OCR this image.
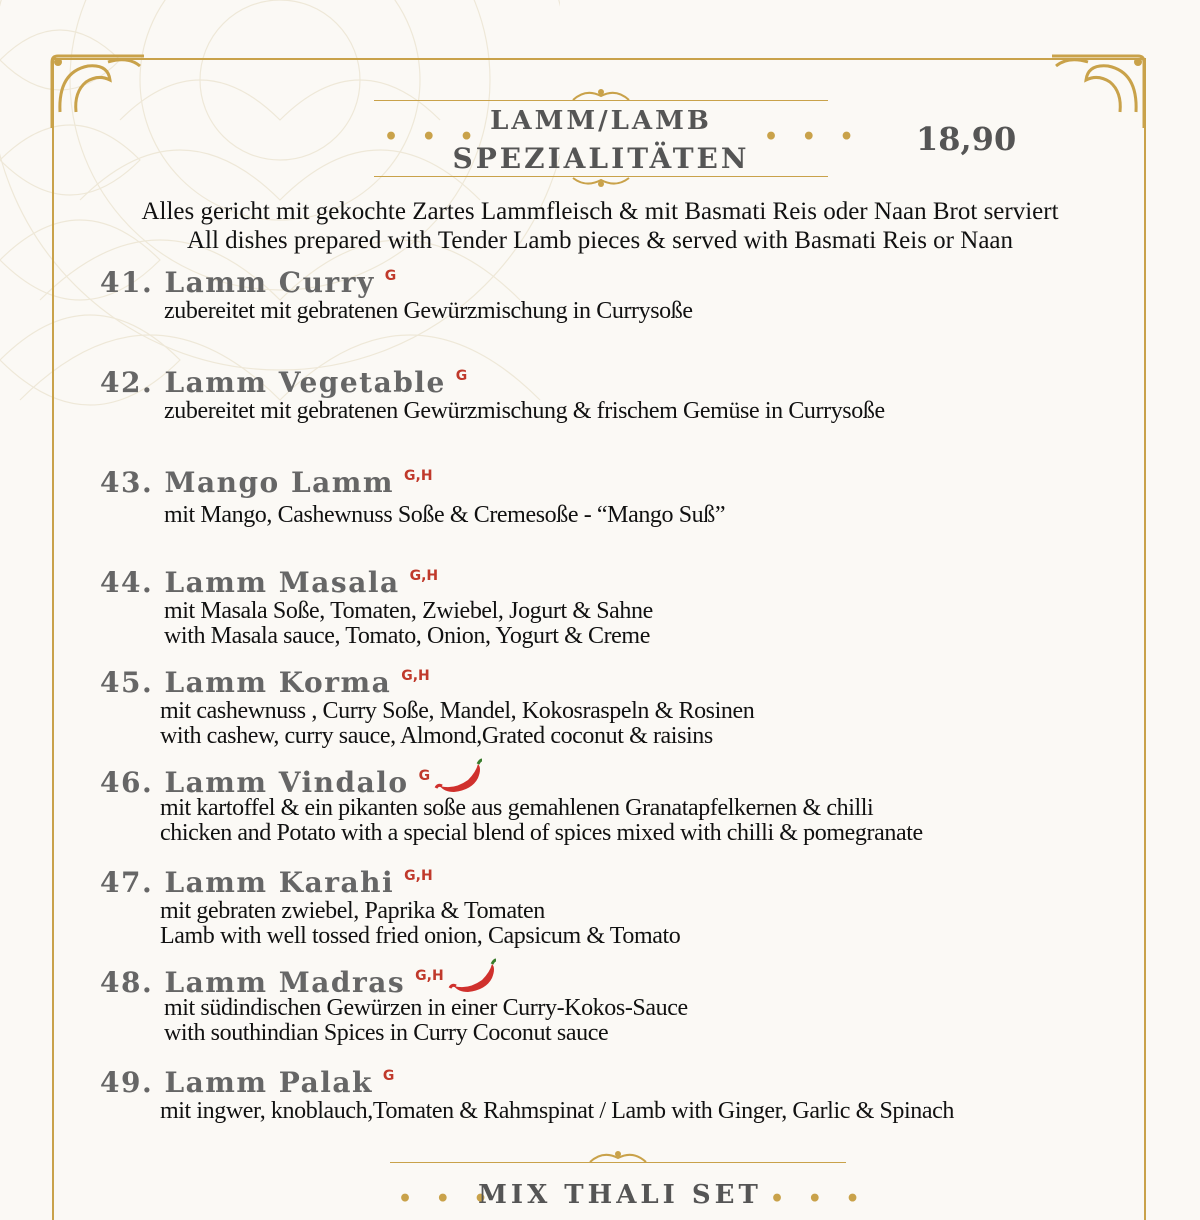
LAMM/LAMB
SPEZIALITÄTEN
• • •	• • • 18,90
Alles gericht mit gekochte Zartes Lammfleisch & mit Basmati Reis oder Naan Brot serviert
All dishes prepared with Tender Lamb pieces & served with Basmati Reis or Naan
41. Lamm Curry $^G$
zubereitet mit gebratenen Gewürzmischung in Currysoße
42. Lamm Vegetable $^G$
zubereitet mit gebratenen Gewürzmischung & frischem Gemüse in Currysoße
43. Mango Lamm $^{G,H}$
mit Mango, Cashewnuss Soße & Cremesoße - “Mango Suß”
44. Lamm Masala $^{G,H}$
mit Masala Soße, Tomaten, Zwiebel, Jogurt & Sahne
with Masala sauce, Tomato, Onion, Yogurt & Creme
45. Lamm Korma $^{G,H}$
mit cashewnuss , Curry Soße, Mandel, Kokosraspeln & Rosinen
with cashew, curry sauce, Almond,Grated coconut & raisins
46. Lamm Vindalo $^G$
mit kartoffel & ein pikanten soße aus gemahlenen Granatapfelkernen & chilli
chicken and Potato with a special blend of spices mixed with chilli & pomegranate
47. Lamm Karahi $^{G,H}$
mit gebraten zwiebel, Paprika & Tomaten
Lamb with well tossed fried onion, Capsicum & Tomato
48. Lamm Madras $^{G,H}$
mit südindischen Gewürzen in einer Curry-Kokos-Sauce
with southindian Spices in Curry Coconut sauce
49. Lamm Palak $^G$
mit ingwer, knoblauch,Tomaten & Rahmspinat / Lamb with Ginger, Garlic & Spinach
• • •	• • •
MIX THALI SET
